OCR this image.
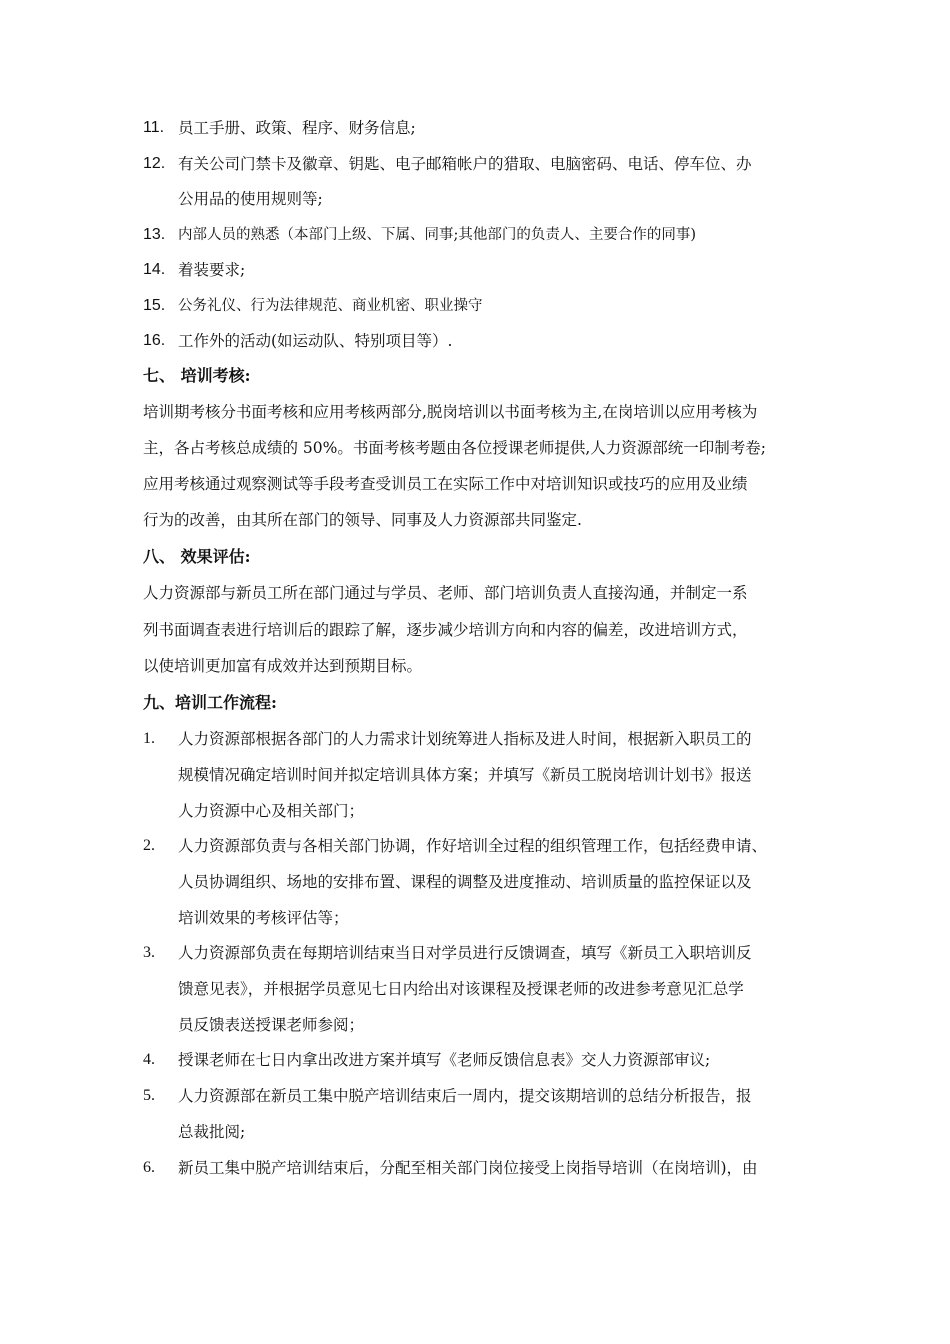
11. 员工手册、政策、程序、财务信息;
12. 有关公司门禁卡及徽章、钥匙、电子邮箱帐户的猎取、电脑密码、电话、停车位、办
公用品的使用规则等;
13. 内部人员的熟悉（本部门上级、下属、同事;其他部门的负责人、主要合作的同事)
14. 着装要求;
15. 公务礼仪、行为法律规范、商业机密、职业操守
16. 工作外的活动(如运动队、特别项目等）.
七、 培训考核:
培训期考核分书面考核和应用考核两部分,脱岗培训以书面考核为主,在岗培训以应用考核为
主，各占考核总成绩的 50%。书面考核考题由各位授课老师提供,人力资源部统一印制考卷;
应用考核通过观察测试等手段考查受训员工在实际工作中对培训知识或技巧的应用及业绩
行为的改善，由其所在部门的领导、同事及人力资源部共同鉴定.
八、 效果评估:
人力资源部与新员工所在部门通过与学员、老师、部门培训负责人直接沟通，并制定一系
列书面调查表进行培训后的跟踪了解，逐步减少培训方向和内容的偏差，改进培训方式，
以使培训更加富有成效并达到预期目标。
九、培训工作流程:
1. 人力资源部根据各部门的人力需求计划统筹进人指标及进人时间，根据新入职员工的
规模情况确定培训时间并拟定培训具体方案；并填写《新员工脱岗培训计划书》报送
人力资源中心及相关部门；
2. 人力资源部负责与各相关部门协调，作好培训全过程的组织管理工作，包括经费申请、
人员协调组织、场地的安排布置、课程的调整及进度推动、培训质量的监控保证以及
培训效果的考核评估等；
3. 人力资源部负责在每期培训结束当日对学员进行反馈调查，填写《新员工入职培训反
馈意见表》，并根据学员意见七日内给出对该课程及授课老师的改进参考意见汇总学
员反馈表送授课老师参阅；
4. 授课老师在七日内拿出改进方案并填写《老师反馈信息表》交人力资源部审议;
5. 人力资源部在新员工集中脱产培训结束后一周内，提交该期培训的总结分析报告，报
总裁批阅;
6. 新员工集中脱产培训结束后，分配至相关部门岗位接受上岗指导培训（在岗培训)，由
